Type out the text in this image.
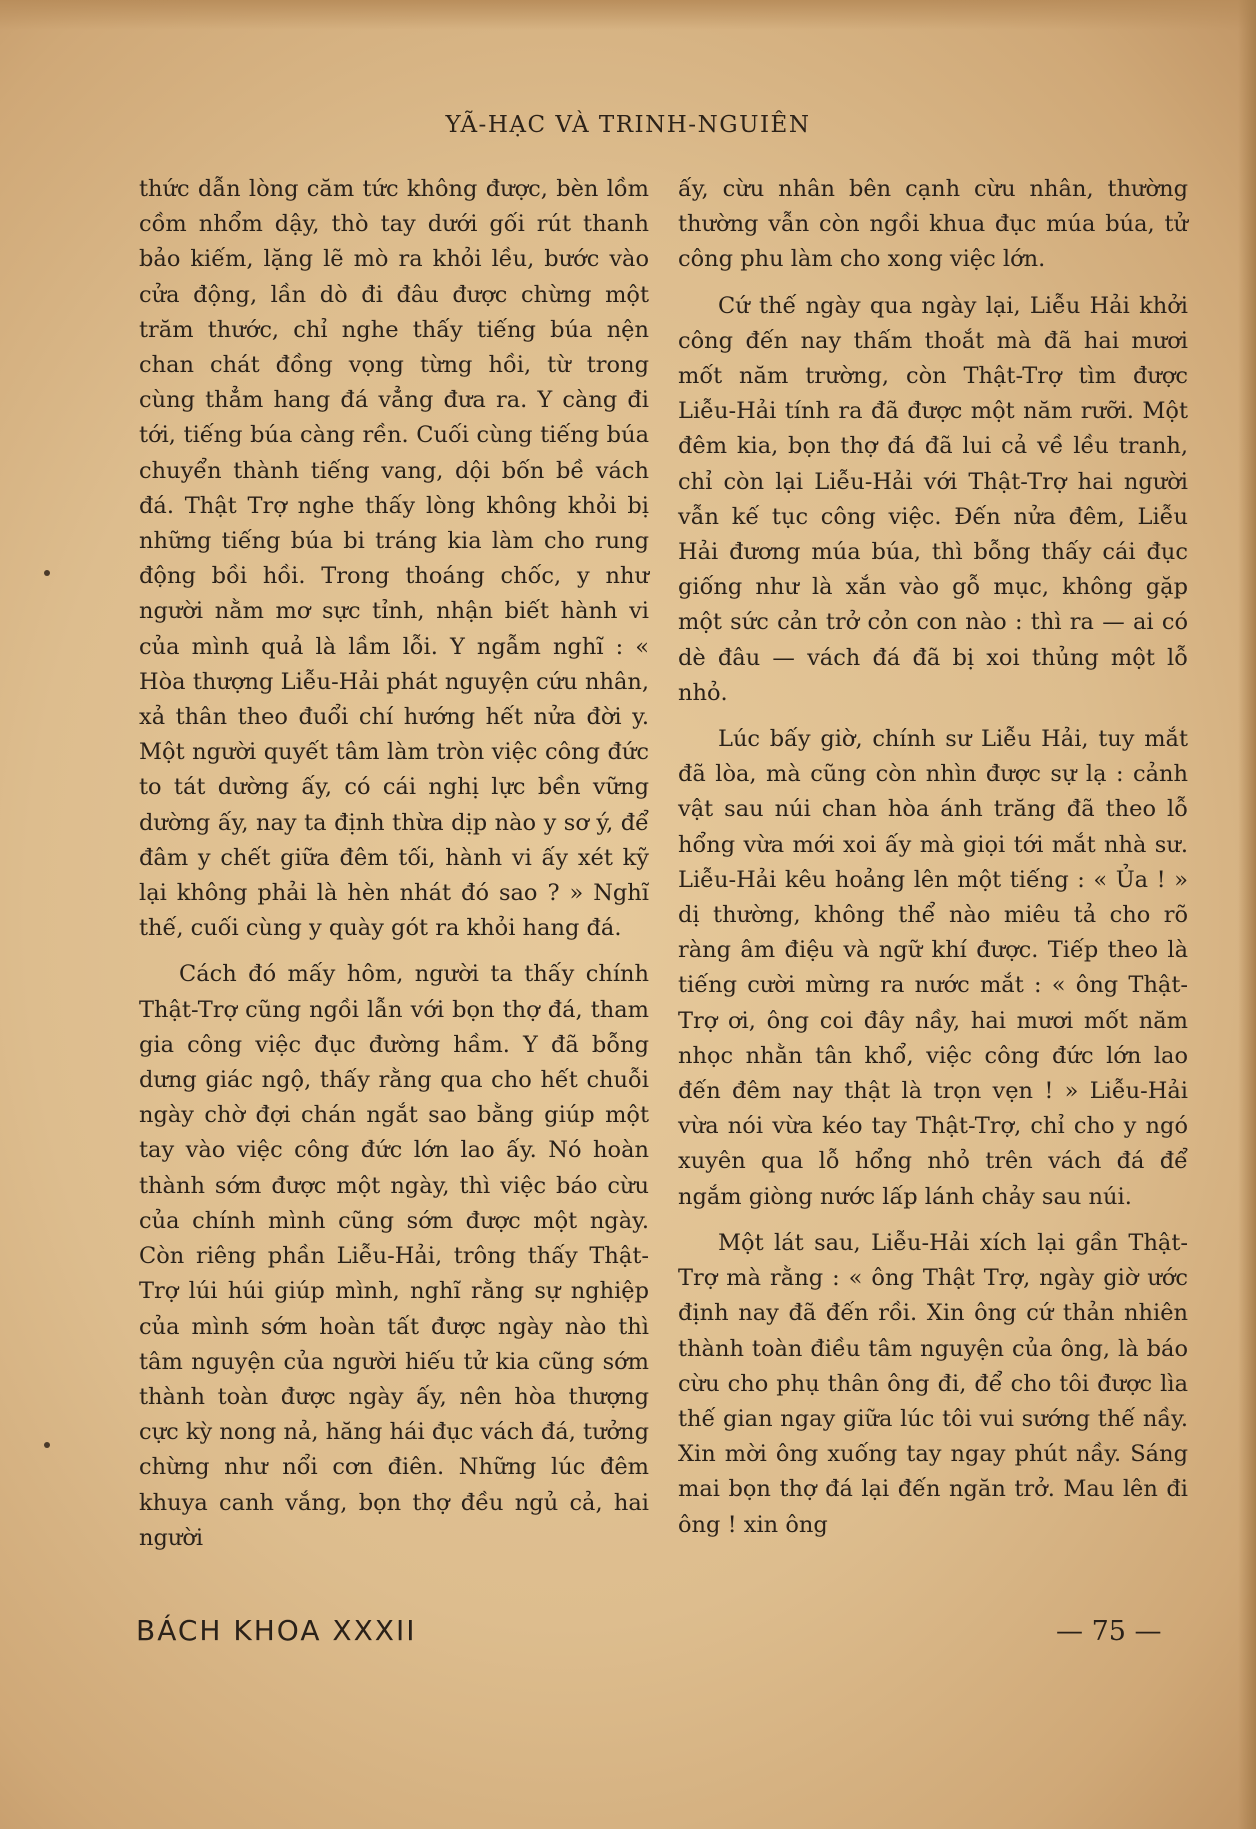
YÃ-HẠC VÀ TRINH-NGUIÊN

thức dẫn lòng căm tức không được, bèn lồm cồm nhổm dậy, thò tay dưới gối rút thanh bảo kiếm, lặng lẽ mò ra khỏi lều, bước vào cửa động, lần dò đi đâu được chừng một trăm thước, chỉ nghe thấy tiếng búa nện chan chát đồng vọng từng hồi, từ trong cùng thẳm hang đá vẳng đưa ra. Y càng đi tới, tiếng búa càng rền. Cuối cùng tiếng búa chuyển thành tiếng vang, dội bốn bề vách đá. Thật Trợ nghe thấy lòng không khỏi bị những tiếng búa bi tráng kia làm cho rung động bồi hồi. Trong thoáng chốc, y như người nằm mơ sực tỉnh, nhận biết hành vi của mình quả là lầm lỗi. Y ngẫm nghĩ : « Hòa thượng Liễu-Hải phát nguyện cứu nhân, xả thân theo đuổi chí hướng hết nửa đời y. Một người quyết tâm làm tròn việc công đức to tát dường ấy, có cái nghị lực bền vững dường ấy, nay ta định thừa dịp nào y sơ ý, để đâm y chết giữa đêm tối, hành vi ấy xét kỹ lại không phải là hèn nhát đó sao ? » Nghĩ thế, cuối cùng y quày gót ra khỏi hang đá.

Cách đó mấy hôm, người ta thấy chính Thật-Trợ cũng ngồi lẫn với bọn thợ đá, tham gia công việc đục đường hầm. Y đã bỗng dưng giác ngộ, thấy rằng qua cho hết chuỗi ngày chờ đợi chán ngắt sao bằng giúp một tay vào việc công đức lớn lao ấy. Nó hoàn thành sớm được một ngày, thì việc báo cừu của chính mình cũng sớm được một ngày. Còn riêng phần Liễu-Hải, trông thấy Thật-Trợ lúi húi giúp mình, nghĩ rằng sự nghiệp của mình sớm hoàn tất được ngày nào thì tâm nguyện của người hiếu tử kia cũng sớm thành toàn được ngày ấy, nên hòa thượng cực kỳ nong nả, hăng hái đục vách đá, tưởng chừng như nổi cơn điên. Những lúc đêm khuya canh vắng, bọn thợ đều ngủ cả, hai người

ấy, cừu nhân bên cạnh cừu nhân, thường thường vẫn còn ngồi khua đục múa búa, tử công phu làm cho xong việc lớn.

Cứ thế ngày qua ngày lại, Liễu Hải khởi công đến nay thấm thoắt mà đã hai mươi mốt năm trường, còn Thật-Trợ tìm được Liễu-Hải tính ra đã được một năm rưỡi. Một đêm kia, bọn thợ đá đã lui cả về lều tranh, chỉ còn lại Liễu-Hải với Thật-Trợ hai người vẫn kế tục công việc. Đến nửa đêm, Liễu Hải đương múa búa, thì bỗng thấy cái đục giống như là xắn vào gỗ mục, không gặp một sức cản trở cỏn con nào : thì ra — ai có dè đâu — vách đá đã bị xoi thủng một lỗ nhỏ.

Lúc bấy giờ, chính sư Liễu Hải, tuy mắt đã lòa, mà cũng còn nhìn được sự lạ : cảnh vật sau núi chan hòa ánh trăng đã theo lỗ hổng vừa mới xoi ấy mà giọi tới mắt nhà sư. Liễu-Hải kêu hoảng lên một tiếng : « Ủa ! » dị thường, không thể nào miêu tả cho rõ ràng âm điệu và ngữ khí được. Tiếp theo là tiếng cười mừng ra nước mắt : « ông Thật-Trợ ơi, ông coi đây nầy, hai mươi mốt năm nhọc nhằn tân khổ, việc công đức lớn lao đến đêm nay thật là trọn vẹn ! » Liễu-Hải vừa nói vừa kéo tay Thật-Trợ, chỉ cho y ngó xuyên qua lỗ hổng nhỏ trên vách đá để ngắm giòng nước lấp lánh chảy sau núi.

Một lát sau, Liễu-Hải xích lại gần Thật-Trợ mà rằng : « ông Thật Trợ, ngày giờ ước định nay đã đến rồi. Xin ông cứ thản nhiên thành toàn điều tâm nguyện của ông, là báo cừu cho phụ thân ông đi, để cho tôi được lìa thế gian ngay giữa lúc tôi vui sướng thế nầy. Xin mời ông xuống tay ngay phút nầy. Sáng mai bọn thợ đá lại đến ngăn trở. Mau lên đi ông ! xin ông

BÁCH KHOA XXXII	— 75 —
